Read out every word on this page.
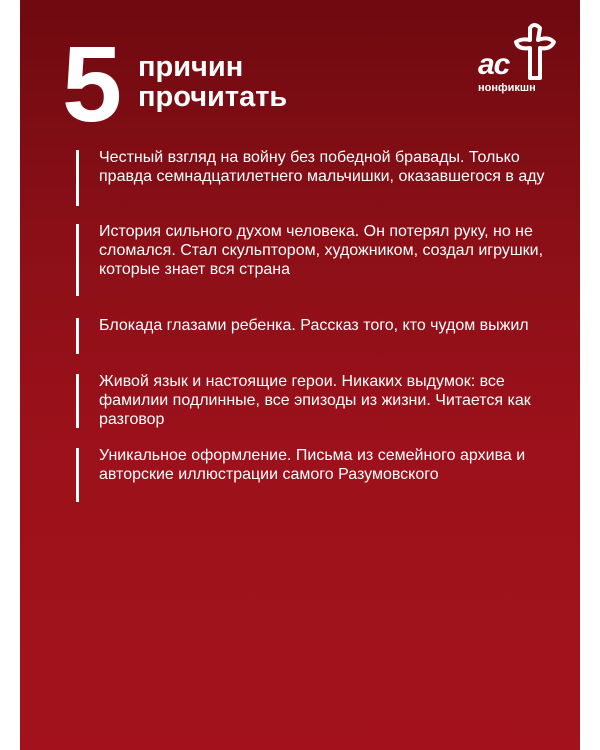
5 причин
прочитать
ас
нонфикшн
Честный взгляд на войну без победной бравады. Только правда семнадцатилетнего мальчишки, оказавшегося в аду
История сильного духом человека. Он потерял руку, но не сломался. Стал скульптором, художником, создал игрушки, которые знает вся страна
Блокада глазами ребенка. Рассказ того, кто чудом выжил
Живой язык и настоящие герои. Никаких выдумок: все фамилии подлинные, все эпизоды из жизни. Читается как разговор
Уникальное оформление. Письма из семейного архива и авторские иллюстрации самого Разумовского
